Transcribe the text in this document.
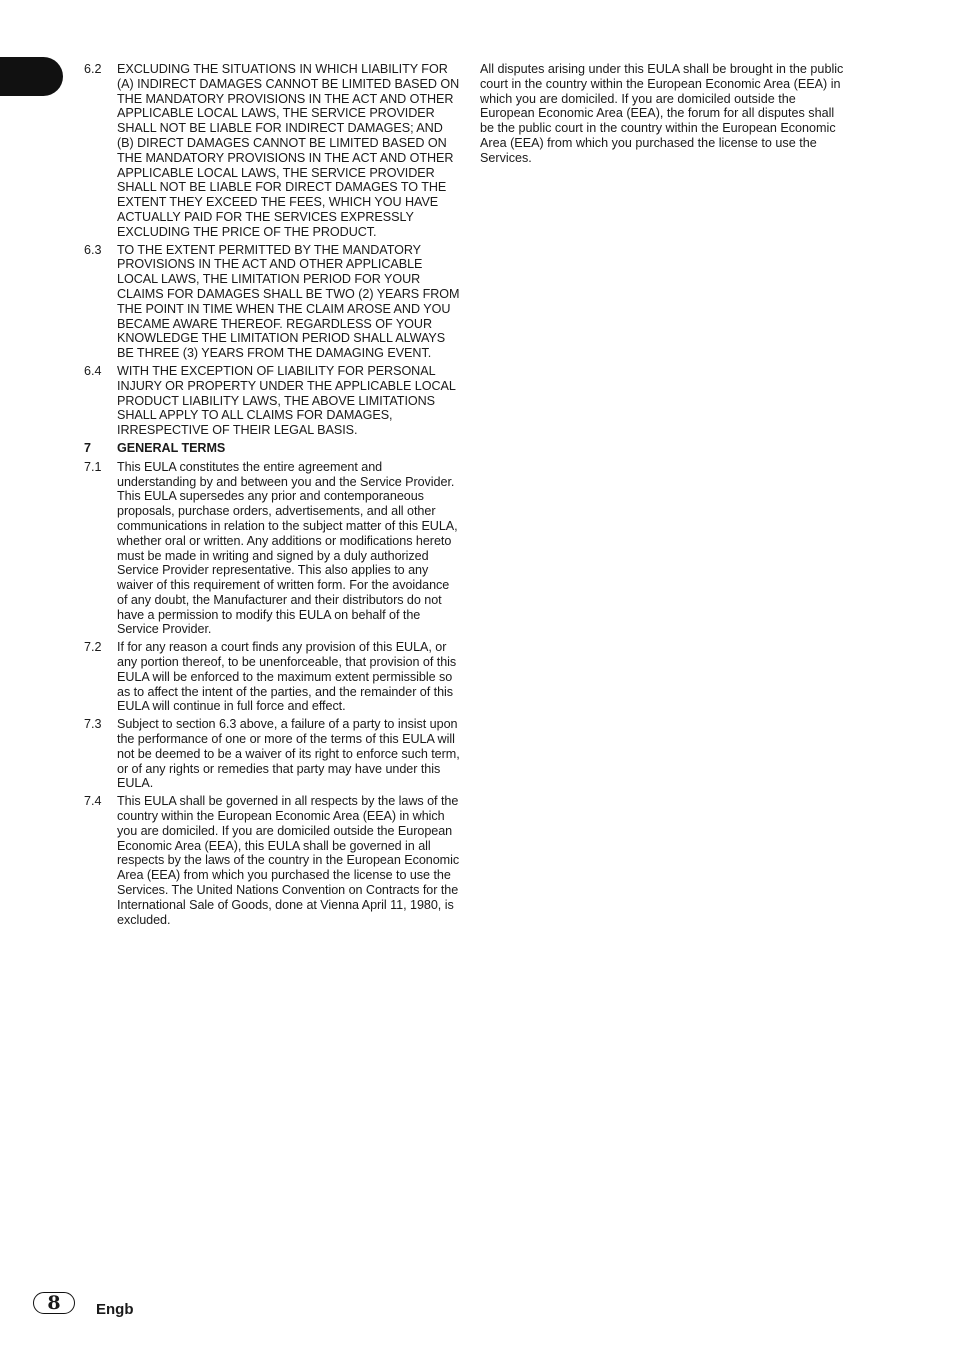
6.2	EXCLUDING THE SITUATIONS IN WHICH LIABILITY FOR (A) INDIRECT DAMAGES CANNOT BE LIMITED BASED ON THE MANDATORY PROVISIONS IN THE ACT AND OTHER APPLICABLE LOCAL LAWS, THE SERVICE PROVIDER SHALL NOT BE LIABLE FOR INDIRECT DAMAGES; AND (B) DIRECT DAMAGES CANNOT BE LIMITED BASED ON THE MANDATORY PROVISIONS IN THE ACT AND OTHER APPLICABLE LOCAL LAWS, THE SERVICE PROVIDER SHALL NOT BE LIABLE FOR DIRECT DAMAGES TO THE EXTENT THEY EXCEED THE FEES, WHICH YOU HAVE ACTUALLY PAID FOR THE SERVICES EXPRESSLY EXCLUDING THE PRICE OF THE PRODUCT.
6.3	TO THE EXTENT PERMITTED BY THE MANDATORY PROVISIONS IN THE ACT AND OTHER APPLICABLE LOCAL LAWS, THE LIMITATION PERIOD FOR YOUR CLAIMS FOR DAMAGES SHALL BE TWO (2) YEARS FROM THE POINT IN TIME WHEN THE CLAIM AROSE AND YOU BECAME AWARE THEREOF. REGARDLESS OF YOUR KNOWLEDGE THE LIMITATION PERIOD SHALL ALWAYS BE THREE (3) YEARS FROM THE DAMAGING EVENT.
6.4	WITH THE EXCEPTION OF LIABILITY FOR PERSONAL INJURY OR PROPERTY UNDER THE APPLICABLE LOCAL PRODUCT LIABILITY LAWS, THE ABOVE LIMITATIONS SHALL APPLY TO ALL CLAIMS FOR DAMAGES, IRRESPECTIVE OF THEIR LEGAL BASIS.
7	GENERAL TERMS
7.1	This EULA constitutes the entire agreement and understanding by and between you and the Service Provider. This EULA supersedes any prior and contemporaneous proposals, purchase orders, advertisements, and all other communications in relation to the subject matter of this EULA, whether oral or written. Any additions or modifications hereto must be made in writing and signed by a duly authorized Service Provider representative. This also applies to any waiver of this requirement of written form. For the avoidance of any doubt, the Manufacturer and their distributors do not have a permission to modify this EULA on behalf of the Service Provider.
7.2	If for any reason a court finds any provision of this EULA, or any portion thereof, to be unenforceable, that provision of this EULA will be enforced to the maximum extent permissible so as to affect the intent of the parties, and the remainder of this EULA will continue in full force and effect.
7.3	Subject to section 6.3 above, a failure of a party to insist upon the performance of one or more of the terms of this EULA will not be deemed to be a waiver of its right to enforce such term, or of any rights or remedies that party may have under this EULA.
7.4	This EULA shall be governed in all respects by the laws of the country within the European Economic Area (EEA) in which you are domiciled. If you are domiciled outside the European Economic Area (EEA), this EULA shall be governed in all respects by the laws of the country in the European Economic Area (EEA) from which you purchased the license to use the Services. The United Nations Convention on Contracts for the International Sale of Goods, done at Vienna April 11, 1980, is excluded.
All disputes arising under this EULA shall be brought in the public court in the country within the European Economic Area (EEA) in which you are domiciled. If you are domiciled outside the European Economic Area (EEA), the forum for all disputes shall be the public court in the country within the European Economic Area (EEA) from which you purchased the license to use the Services.
8	Engb
